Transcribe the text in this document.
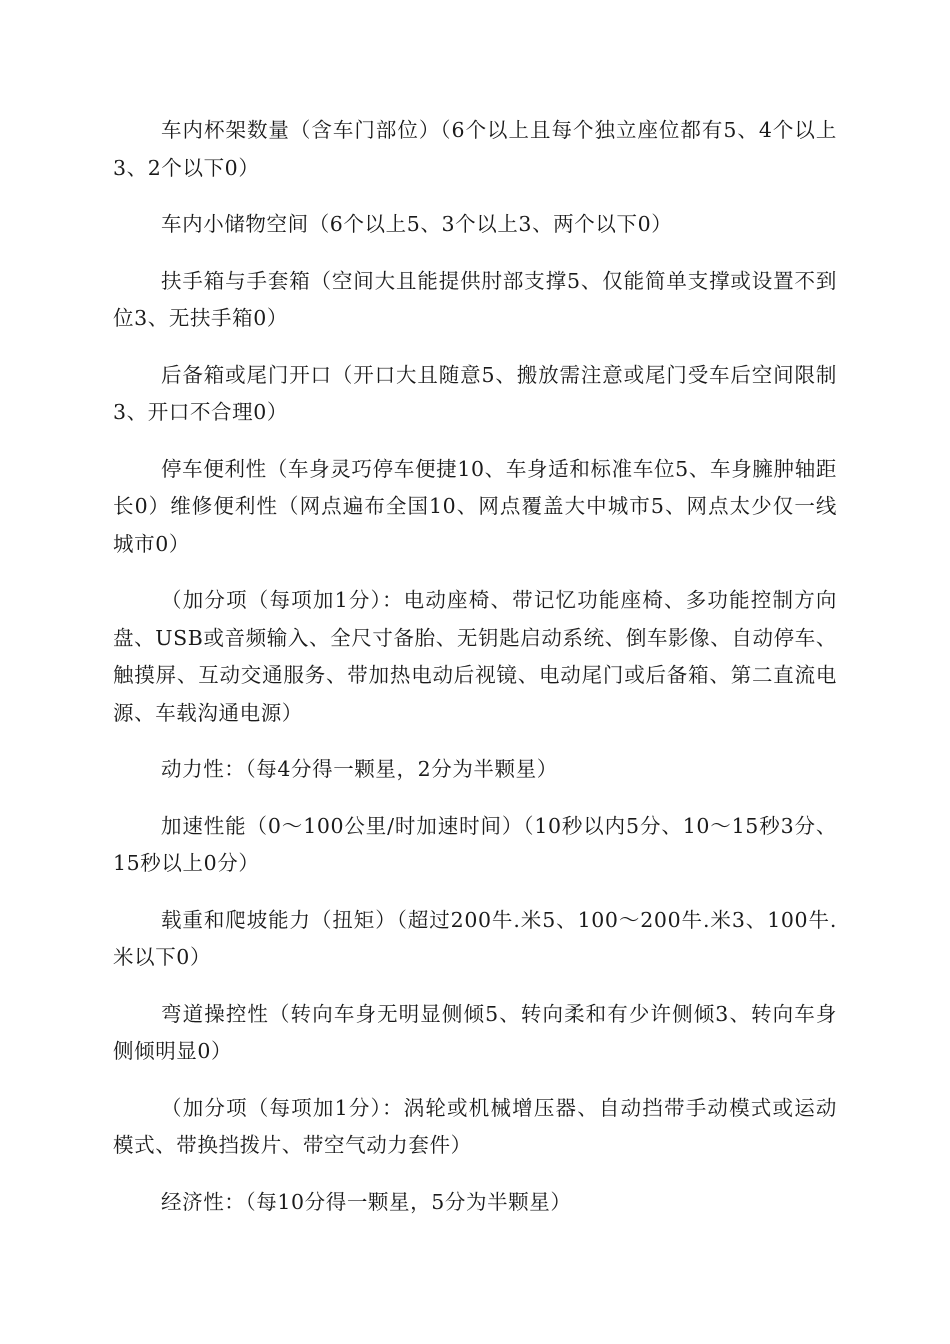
车内杯架数量（含车门部位）（6个以上且每个独立座位都有5、4个以上3、2个以下0）

车内小储物空间（6个以上5、3个以上3、两个以下0）

扶手箱与手套箱（空间大且能提供肘部支撑5、仅能简单支撑或设置不到位3、无扶手箱0）

后备箱或尾门开口（开口大且随意5、搬放需注意或尾门受车后空间限制3、开口不合理0）

停车便利性（车身灵巧停车便捷10、车身适和标准车位5、车身臃肿轴距长0）维修便利性（网点遍布全国10、网点覆盖大中城市5、网点太少仅一线城市0）

（加分项（每项加1分）：电动座椅、带记忆功能座椅、多功能控制方向盘、USB或音频输入、全尺寸备胎、无钥匙启动系统、倒车影像、自动停车、触摸屏、互动交通服务、带加热电动后视镜、电动尾门或后备箱、第二直流电源、车载沟通电源）

动力性：（每4分得一颗星，2分为半颗星）

加速性能（0～100公里/时加速时间）（10秒以内5分、10～15秒3分、15秒以上0分）

载重和爬坡能力（扭矩）（超过200牛.米5、100～200牛.米3、100牛.米以下0）

弯道操控性（转向车身无明显侧倾5、转向柔和有少许侧倾3、转向车身侧倾明显0）

（加分项（每项加1分）：涡轮或机械增压器、自动挡带手动模式或运动模式、带换挡拨片、带空气动力套件）

经济性：（每10分得一颗星，5分为半颗星）
